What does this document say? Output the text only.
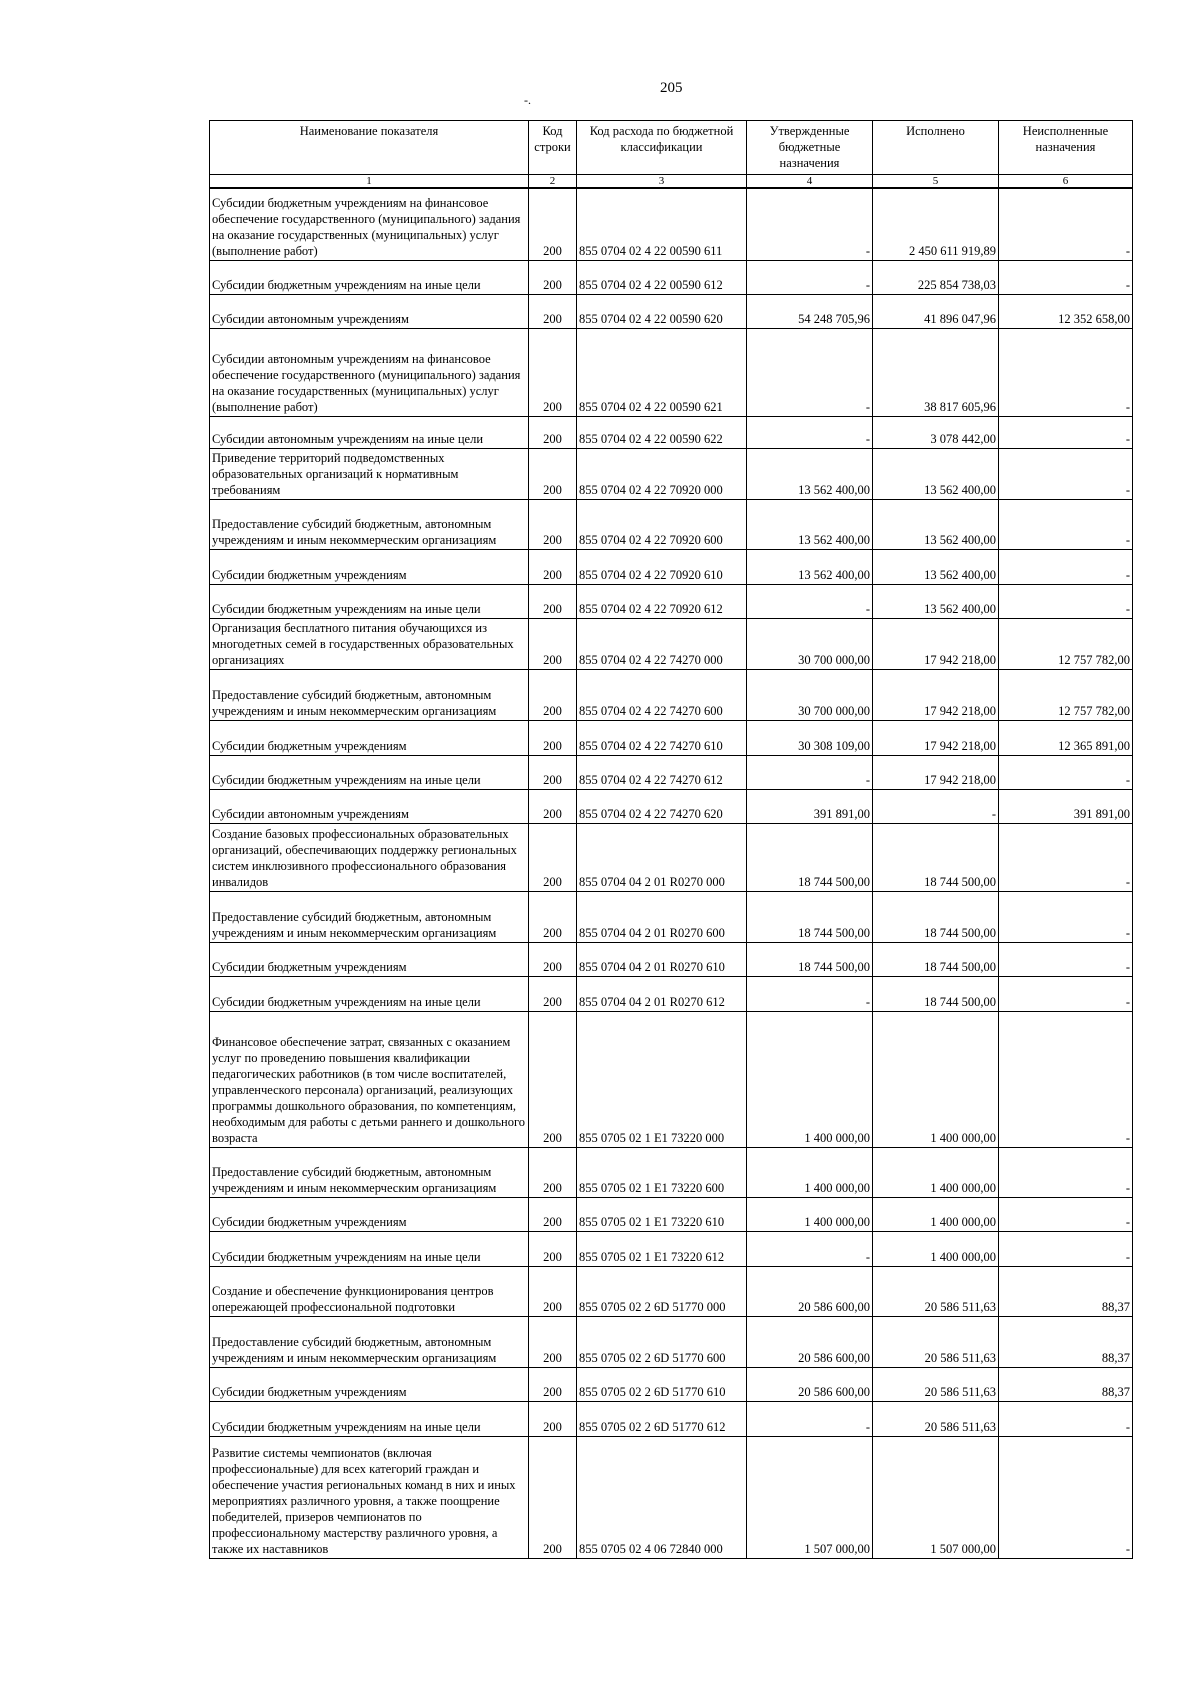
205
-.
Наименование показателя	Код строки	Код расхода по бюджетной классификации	Утвержденные бюджетные назначения	Исполнено	Неисполненные назначения
1	2	3	4	5	6
Субсидии бюджетным учреждениям на финансовое обеспечение государственного (муниципального) задания на оказание государственных (муниципальных) услуг (выполнение работ)	200	855 0704 02 4 22 00590 611	-	2 450 611 919,89	-
Субсидии бюджетным учреждениям на иные цели	200	855 0704 02 4 22 00590 612	-	225 854 738,03	-
Субсидии автономным учреждениям	200	855 0704 02 4 22 00590 620	54 248 705,96	41 896 047,96	12 352 658,00
Субсидии автономным учреждениям на финансовое обеспечение государственного (муниципального) задания на оказание государственных (муниципальных) услуг (выполнение работ)	200	855 0704 02 4 22 00590 621	-	38 817 605,96	-
Субсидии автономным учреждениям на иные цели	200	855 0704 02 4 22 00590 622	-	3 078 442,00	-
Приведение территорий подведомственных образовательных организаций к нормативным требованиям	200	855 0704 02 4 22 70920 000	13 562 400,00	13 562 400,00	-
Предоставление субсидий бюджетным, автономным учреждениям и иным некоммерческим организациям	200	855 0704 02 4 22 70920 600	13 562 400,00	13 562 400,00	-
Субсидии бюджетным учреждениям	200	855 0704 02 4 22 70920 610	13 562 400,00	13 562 400,00	-
Субсидии бюджетным учреждениям на иные цели	200	855 0704 02 4 22 70920 612	-	13 562 400,00	-
Организация бесплатного питания обучающихся из многодетных семей в государственных образовательных организациях	200	855 0704 02 4 22 74270 000	30 700 000,00	17 942 218,00	12 757 782,00
Предоставление субсидий бюджетным, автономным учреждениям и иным некоммерческим организациям	200	855 0704 02 4 22 74270 600	30 700 000,00	17 942 218,00	12 757 782,00
Субсидии бюджетным учреждениям	200	855 0704 02 4 22 74270 610	30 308 109,00	17 942 218,00	12 365 891,00
Субсидии бюджетным учреждениям на иные цели	200	855 0704 02 4 22 74270 612	-	17 942 218,00	-
Субсидии автономным учреждениям	200	855 0704 02 4 22 74270 620	391 891,00	-	391 891,00
Создание базовых профессиональных образовательных организаций, обеспечивающих поддержку региональных систем инклюзивного профессионального образования инвалидов	200	855 0704 04 2 01 R0270 000	18 744 500,00	18 744 500,00	-
Предоставление субсидий бюджетным, автономным учреждениям и иным некоммерческим организациям	200	855 0704 04 2 01 R0270 600	18 744 500,00	18 744 500,00	-
Субсидии бюджетным учреждениям	200	855 0704 04 2 01 R0270 610	18 744 500,00	18 744 500,00	-
Субсидии бюджетным учреждениям на иные цели	200	855 0704 04 2 01 R0270 612	-	18 744 500,00	-
Финансовое обеспечение затрат, связанных с оказанием услуг по проведению повышения квалификации педагогических работников (в том числе воспитателей, управленческого персонала) организаций, реализующих программы дошкольного образования, по компетенциям, необходимым для работы с детьми раннего и дошкольного возраста	200	855 0705 02 1 E1 73220 000	1 400 000,00	1 400 000,00	-
Предоставление субсидий бюджетным, автономным учреждениям и иным некоммерческим организациям	200	855 0705 02 1 E1 73220 600	1 400 000,00	1 400 000,00	-
Субсидии бюджетным учреждениям	200	855 0705 02 1 E1 73220 610	1 400 000,00	1 400 000,00	-
Субсидии бюджетным учреждениям на иные цели	200	855 0705 02 1 E1 73220 612	-	1 400 000,00	-
Создание и обеспечение функционирования центров опережающей профессиональной подготовки	200	855 0705 02 2 6D 51770 000	20 586 600,00	20 586 511,63	88,37
Предоставление субсидий бюджетным, автономным учреждениям и иным некоммерческим организациям	200	855 0705 02 2 6D 51770 600	20 586 600,00	20 586 511,63	88,37
Субсидии бюджетным учреждениям	200	855 0705 02 2 6D 51770 610	20 586 600,00	20 586 511,63	88,37
Субсидии бюджетным учреждениям на иные цели	200	855 0705 02 2 6D 51770 612	-	20 586 511,63	-
Развитие системы чемпионатов (включая профессиональные) для всех категорий граждан и обеспечение участия региональных команд в них и иных мероприятиях различного уровня, а также поощрение победителей, призеров чемпионатов по профессиональному мастерству различного уровня, а также их наставников	200	855 0705 02 4 06 72840 000	1 507 000,00	1 507 000,00	-
